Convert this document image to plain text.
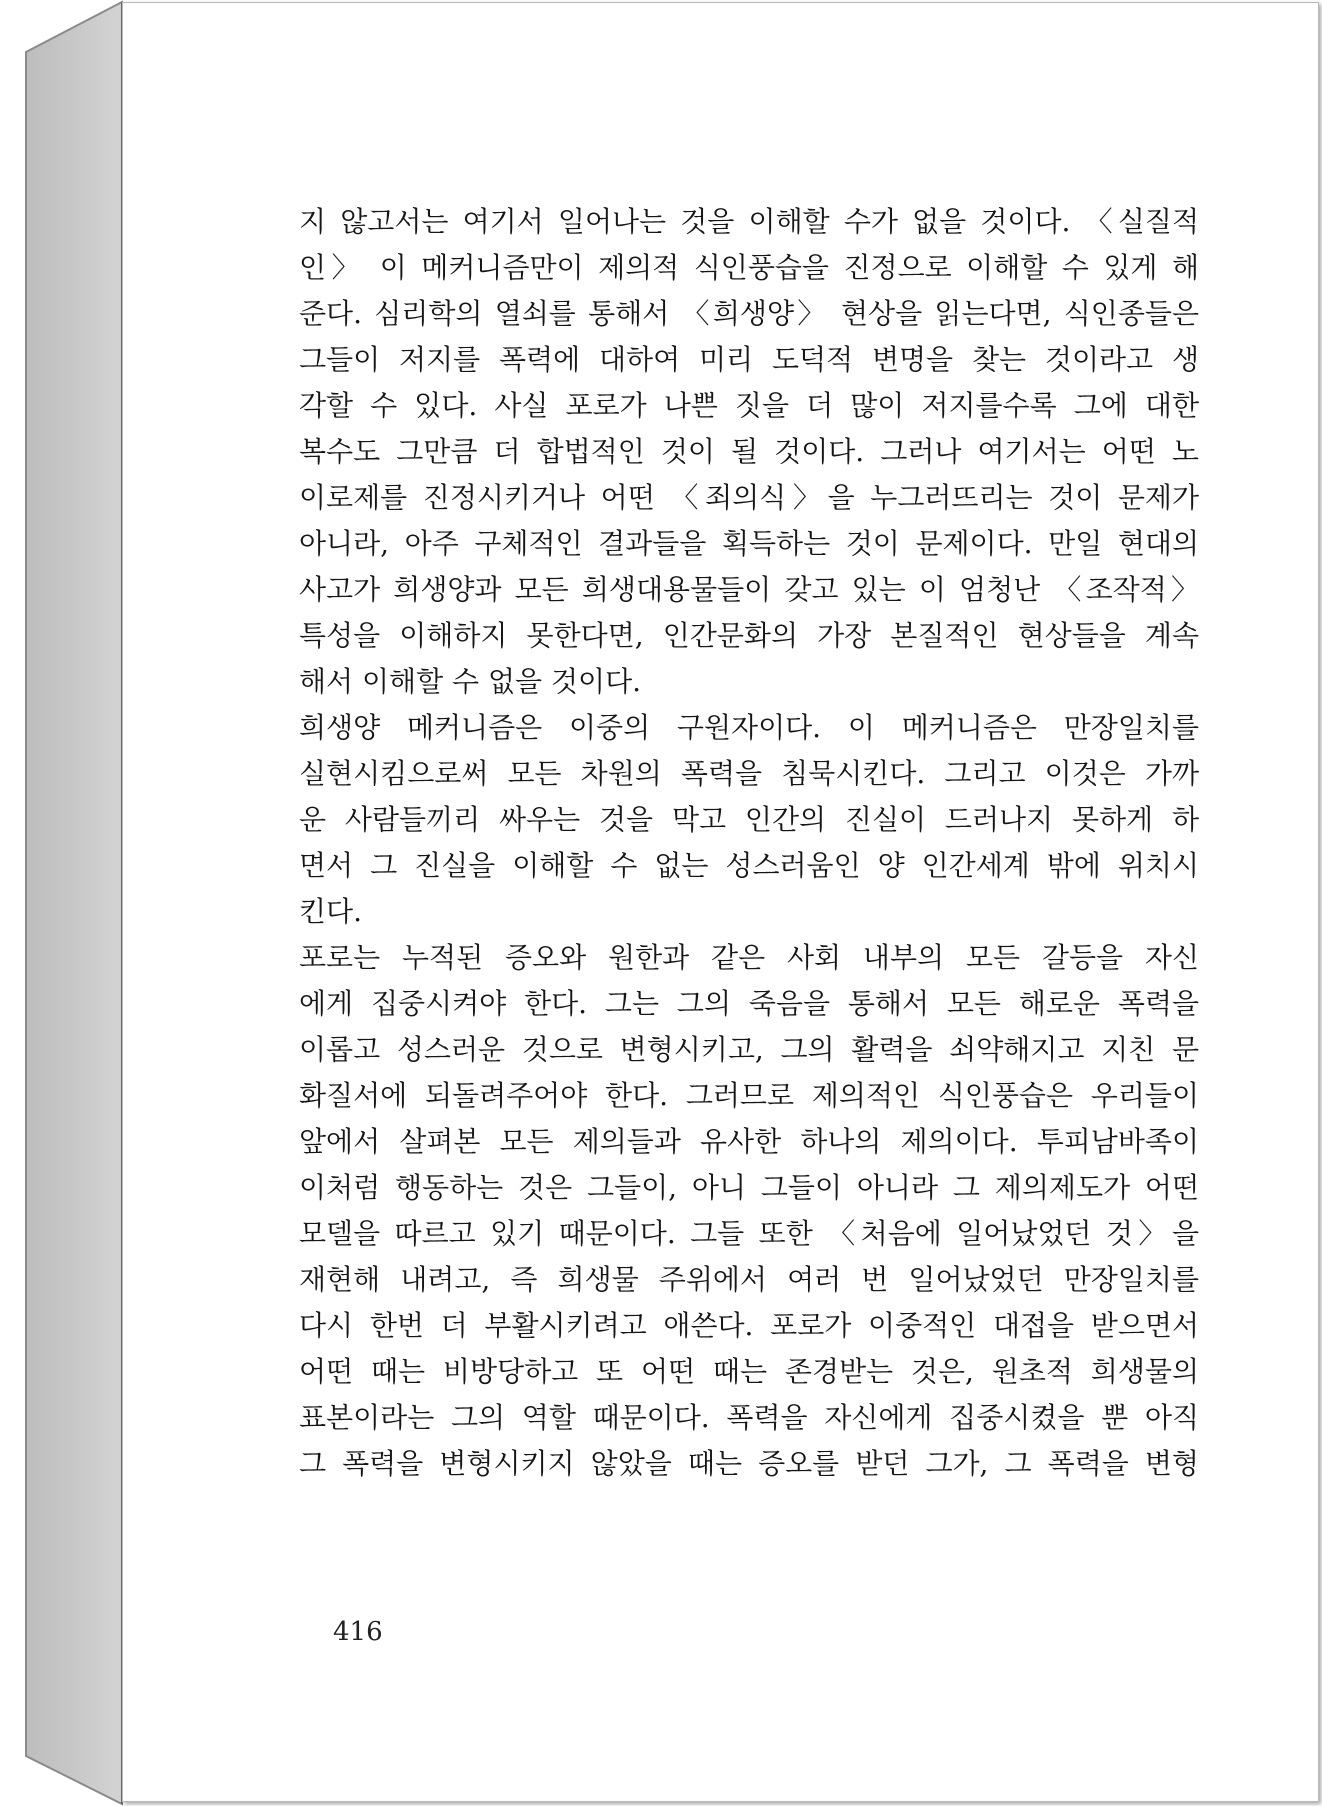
지 않고서는 여기서 일어나는 것을 이해할 수가 없을 것이다. 〈실질적
인〉 이 메커니즘만이 제의적 식인풍습을 진정으로 이해할 수 있게 해
준다. 심리학의 열쇠를 통해서 〈희생양〉 현상을 읽는다면, 식인종들은
그들이 저지를 폭력에 대하여 미리 도덕적 변명을 찾는 것이라고 생
각할 수 있다. 사실 포로가 나쁜 짓을 더 많이 저지를수록 그에 대한
복수도 그만큼 더 합법적인 것이 될 것이다. 그러나 여기서는 어떤 노
이로제를 진정시키거나 어떤 〈죄의식〉을 누그러뜨리는 것이 문제가
아니라, 아주 구체적인 결과들을 획득하는 것이 문제이다. 만일 현대의
사고가 희생양과 모든 희생대용물들이 갖고 있는 이 엄청난 〈조작적〉
특성을 이해하지 못한다면, 인간문화의 가장 본질적인 현상들을 계속
해서 이해할 수 없을 것이다.
희생양 메커니즘은 이중의 구원자이다. 이 메커니즘은 만장일치를
실현시킴으로써 모든 차원의 폭력을 침묵시킨다. 그리고 이것은 가까
운 사람들끼리 싸우는 것을 막고 인간의 진실이 드러나지 못하게 하
면서 그 진실을 이해할 수 없는 성스러움인 양 인간세계 밖에 위치시
킨다.
포로는 누적된 증오와 원한과 같은 사회 내부의 모든 갈등을 자신
에게 집중시켜야 한다. 그는 그의 죽음을 통해서 모든 해로운 폭력을
이롭고 성스러운 것으로 변형시키고, 그의 활력을 쇠약해지고 지친 문
화질서에 되돌려주어야 한다. 그러므로 제의적인 식인풍습은 우리들이
앞에서 살펴본 모든 제의들과 유사한 하나의 제의이다. 투피남바족이
이처럼 행동하는 것은 그들이, 아니 그들이 아니라 그 제의제도가 어떤
모델을 따르고 있기 때문이다. 그들 또한 〈처음에 일어났었던 것〉을
재현해 내려고, 즉 희생물 주위에서 여러 번 일어났었던 만장일치를
다시 한번 더 부활시키려고 애쓴다. 포로가 이중적인 대접을 받으면서
어떤 때는 비방당하고 또 어떤 때는 존경받는 것은, 원초적 희생물의
표본이라는 그의 역할 때문이다. 폭력을 자신에게 집중시켰을 뿐 아직
그 폭력을 변형시키지 않았을 때는 증오를 받던 그가, 그 폭력을 변형
416
